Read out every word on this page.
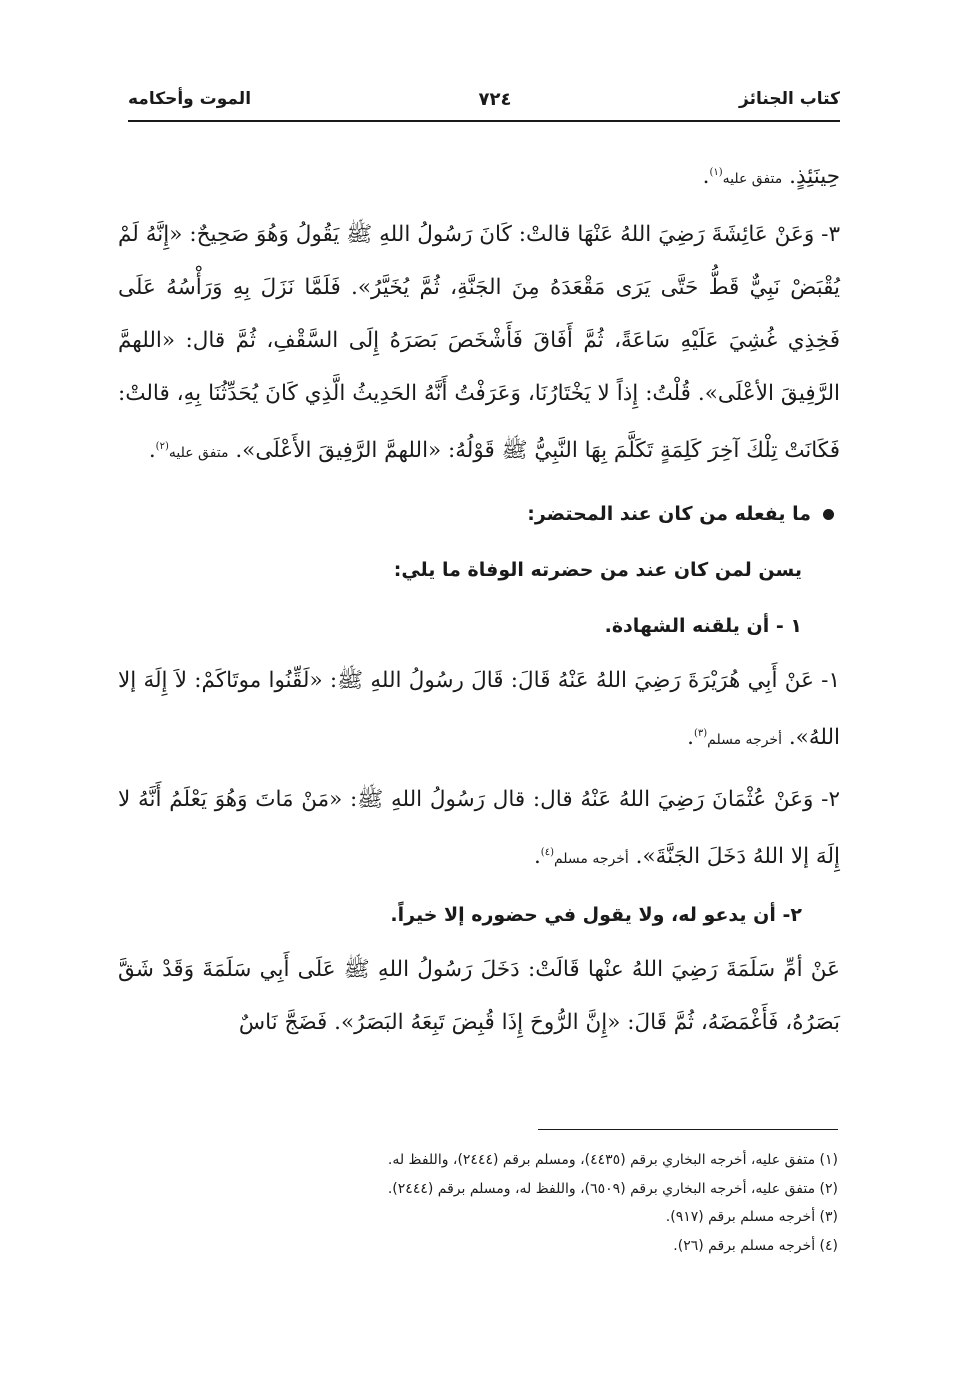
كتاب الجنائز
٧٢٤
الموت وأحكامه

حِينَئِذٍ. متفق عليه$^{(١)}$.

٣- وَعَنْ عَائِشَةَ رَضِيَ اللهُ عَنْهَا قالتْ: كَانَ رَسُولُ اللهِ ﷺ يَقُولُ وَهُوَ صَحِيحٌ: «إِنَّهُ لَمْ يُقْبَضْ نَبِيٌّ قَطُّ حَتَّى يَرَى مَقْعَدَهُ مِنَ الجَنَّةِ، ثُمَّ يُخَيَّرُ». فَلَمَّا نَزَلَ بِهِ وَرَأْسُهُ عَلَى فَخِذِي غُشِيَ عَلَيْهِ سَاعَةً، ثُمَّ أَفَاقَ فَأَشْخَصَ بَصَرَهُ إِلَى السَّقْفِ، ثُمَّ قال: «اللهمَّ الرَّفِيقَ الأعْلَى». قُلْتُ: إِذاً لا يَخْتَارُنَا، وَعَرَفْتُ أَنَّهُ الحَدِيثُ الَّذِي كَانَ يُحَدِّثُنَا بِهِ، قالتْ: فَكَانَتْ تِلْكَ آخِرَ كَلِمَةٍ تَكَلَّمَ بِهَا النَّبِيُّ ﷺ قَوْلُهُ: «اللهمَّ الرَّفِيقَ الأَعْلَى». متفق عليه$^{(٢)}$.

ما يفعله من كان عند المحتضر:

يسن لمن كان عند من حضرته الوفاة ما يلي:

١ - أن يلقنه الشهادة.

١- عَنْ أَبِي هُرَيْرَةَ رَضِيَ اللهُ عَنْهُ قَالَ: قَالَ رسُولُ اللهِ ﷺ: «لَقِّنُوا موتَاكَمْ: لاَ إِلَهَ إلا اللهُ». أخرجه مسلم$^{(٣)}$.

٢- وَعَنْ عُثْمَانَ رَضِيَ اللهُ عَنْهُ قال: قال رَسُولُ اللهِ ﷺ: «مَنْ مَاتَ وَهُوَ يَعْلَمُ أَنَّهُ لا إِلَهَ إلا اللهُ دَخَلَ الجَنَّةَ». أخرجه مسلم$^{(٤)}$.

٢- أن يدعو له، ولا يقول في حضوره إلا خيراً.

عَنْ أمِّ سَلَمَةَ رَضِيَ اللهُ عنْها قَالَتْ: دَخَلَ رَسُولُ اللهِ ﷺ عَلَى أَبِي سَلَمَةَ وَقَدْ شَقَّ بَصَرُهُ، فَأَغْمَضَهُ، ثُمَّ قَالَ: «إِنَّ الرُّوحَ إِذَا قُبِضَ تَبِعَهُ البَصَرُ». فَضَجَّ نَاسٌ

(١) متفق عليه، أخرجه البخاري برقم (٤٤٣٥)، ومسلم برقم (٢٤٤٤)، واللفظ له.

(٢) متفق عليه، أخرجه البخاري برقم (٦٥٠٩)، واللفظ له، ومسلم برقم (٢٤٤٤).

(٣) أخرجه مسلم برقم (٩١٧).

(٤) أخرجه مسلم برقم (٢٦).
